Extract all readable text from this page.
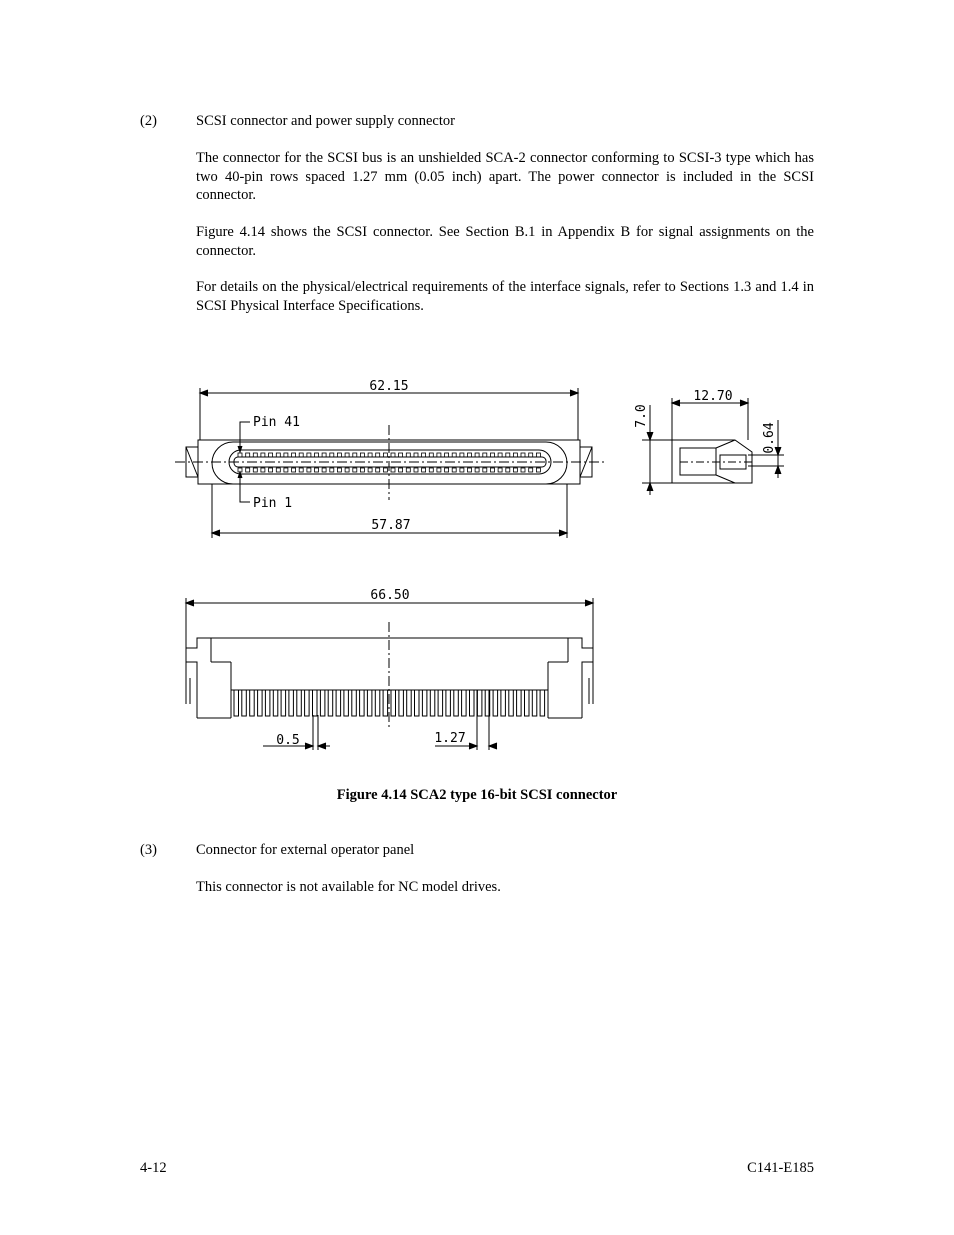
(2)	SCSI connector and power supply connector
The connector for the SCSI bus is an unshielded SCA-2 connector conforming to SCSI-3 type which has two 40-pin rows spaced 1.27 mm (0.05 inch) apart. The power connector is included in the SCSI connector.
Figure 4.14 shows the SCSI connector. See Section B.1 in Appendix B for signal assignments on the connector.
For details on the physical/electrical requirements of the interface signals, refer to Sections 1.3 and 1.4 in SCSI Physical Interface Specifications.
62.15
Pin 41
Pin 1
57.87
12.70
7.0
0.64
66.50
0.5	1.27
Figure 4.14 SCA2 type 16-bit SCSI connector
(3)	Connector for external operator panel
This connector is not available for NC model drives.
4-12	C141-E185
